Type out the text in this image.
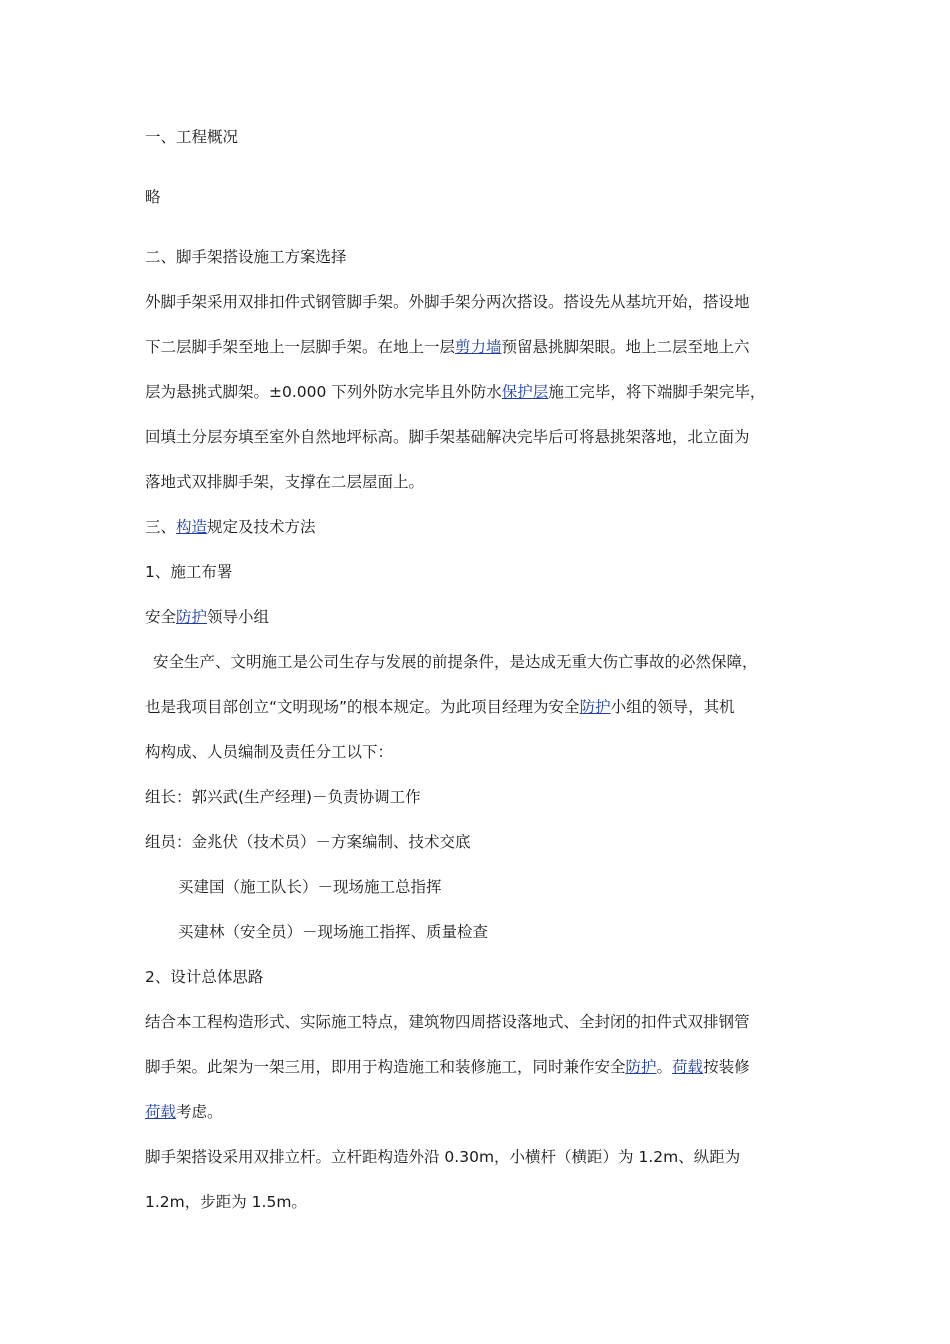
一、工程概况
略
二、脚手架搭设施工方案选择
外脚手架采用双排扣件式钢管脚手架。外脚手架分两次搭设。搭设先从基坑开始，搭设地
下二层脚手架至地上一层脚手架。在地上一层剪力墙预留悬挑脚架眼。地上二层至地上六
层为悬挑式脚架。±0.000 下列外防水完毕且外防水保护层施工完毕，将下端脚手架完毕，
回填土分层夯填至室外自然地坪标高。脚手架基础解决完毕后可将悬挑架落地，北立面为
落地式双排脚手架，支撑在二层屋面上。
三、构造规定及技术方法
1、施工布署
安全防护领导小组
安全生产、文明施工是公司生存与发展的前提条件，是达成无重大伤亡事故的必然保障，
也是我项目部创立“文明现场”的根本规定。为此项目经理为安全防护小组的领导，其机
构构成、人员编制及责任分工以下：
组长：郭兴武(生产经理)－负责协调工作
组员：金兆伏（技术员）－方案编制、技术交底
买建国（施工队长）－现场施工总指挥
买建林（安全员）－现场施工指挥、质量检查
2、设计总体思路
结合本工程构造形式、实际施工特点，建筑物四周搭设落地式、全封闭的扣件式双排钢管
脚手架。此架为一架三用，即用于构造施工和装修施工，同时兼作安全防护。荷载按装修
荷载考虑。
脚手架搭设采用双排立杆。立杆距构造外沿 0.30m，小横杆（横距）为 1.2m、纵距为
1.2m，步距为 1.5m。
